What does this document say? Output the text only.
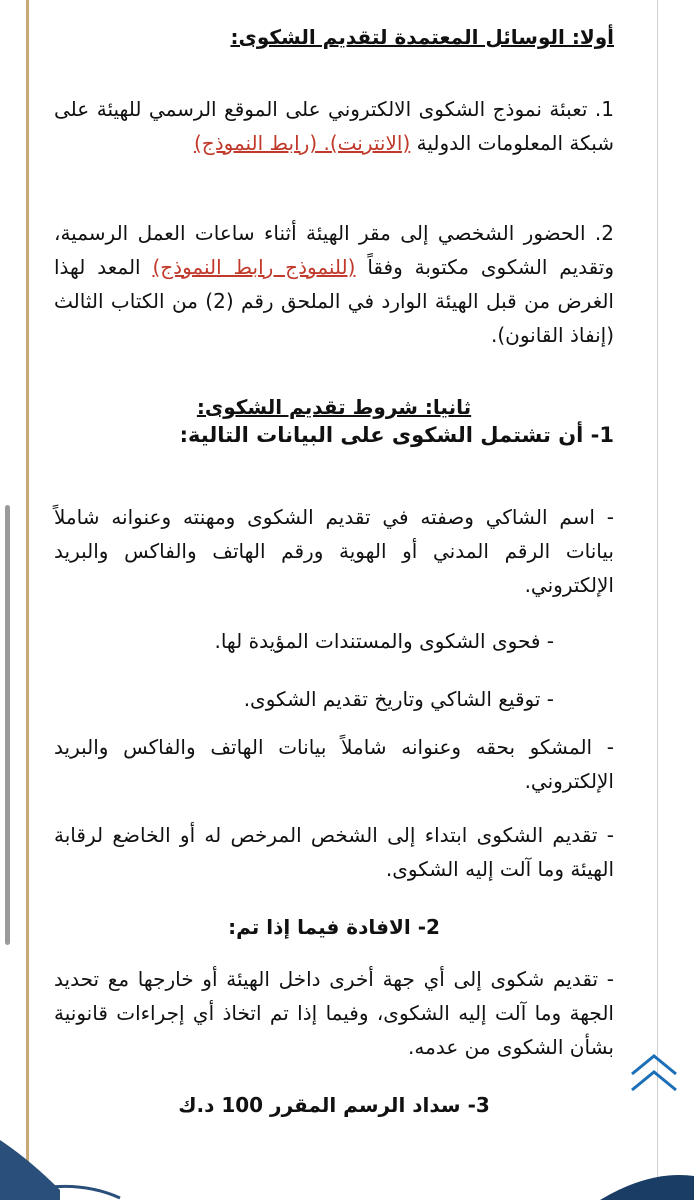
أولا: الوسائل المعتمدة لتقديم الشكوى:
1. تعبئة نموذج الشكوى الالكتروني على الموقع الرسمي للهيئة على شبكة المعلومات الدولية (الانترنت). (رابط النموذج)
2. الحضور الشخصي إلى مقر الهيئة أثناء ساعات العمل الرسمية، وتقديم الشكوى مكتوبة وفقاً (للنموذج رابط النموذج) المعد لهذا الغرض من قبل الهيئة الوارد في الملحق رقم (2) من الكتاب الثالث (إنفاذ القانون).
ثانيا: شروط تقديم الشكوى:
1- أن تشتمل الشكوى على البيانات التالية:
- اسم الشاكي وصفته في تقديم الشكوى ومهنته وعنوانه شاملاً بيانات الرقم المدني أو الهوية ورقم الهاتف والفاكس والبريد الإلكتروني.
- فحوى الشكوى والمستندات المؤيدة لها.
- توقيع الشاكي وتاريخ تقديم الشكوى.
- المشكو بحقه وعنوانه شاملاً بيانات الهاتف والفاكس والبريد الإلكتروني.
- تقديم الشكوى ابتداء إلى الشخص المرخص له أو الخاضع لرقابة الهيئة وما آلت إليه الشكوى.
2- الافادة فيما إذا تم:
- تقديم شكوى إلى أي جهة أخرى داخل الهيئة أو خارجها مع تحديد الجهة وما آلت إليه الشكوى، وفيما إذا تم اتخاذ أي إجراءات قانونية بشأن الشكوى من عدمه.
3- سداد الرسم المقرر 100 د.ك
